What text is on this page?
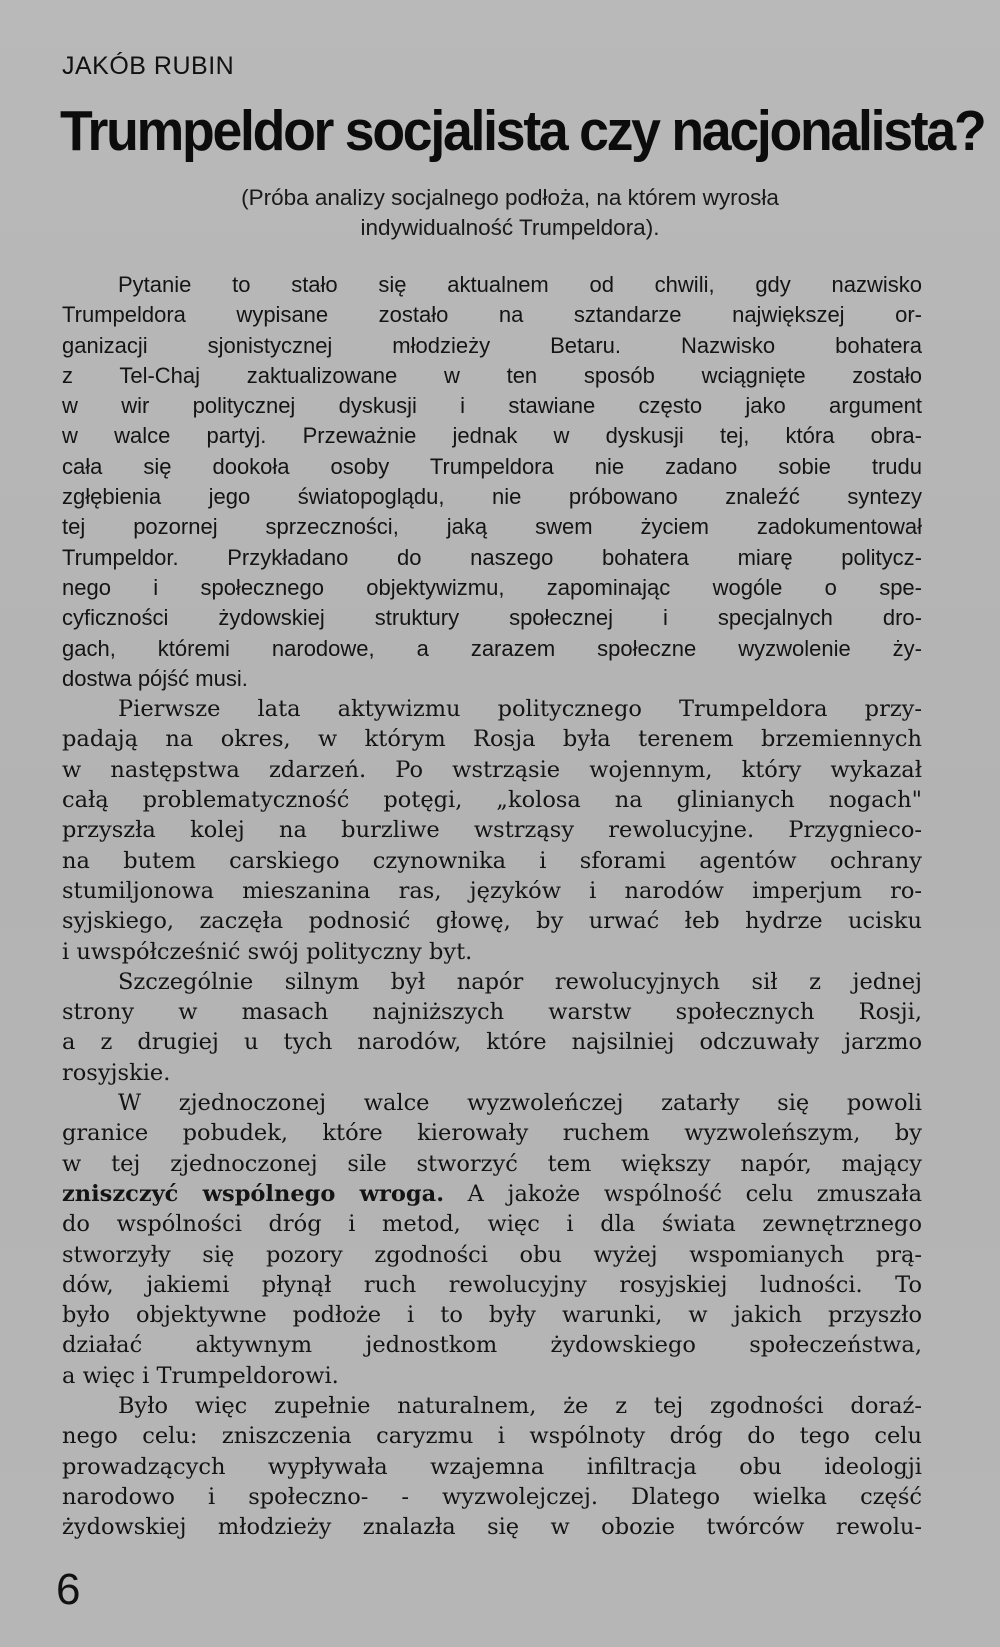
JAKÓB RUBIN
Trumpeldor socjalista czy nacjonalista?
(Próba analizy socjalnego podłoża, na którem wyrosła
indywidualność Trumpeldora).
Pytanie to stało się aktualnem od chwili, gdy nazwisko
Trumpeldora wypisane zostało na sztandarze największej or-
ganizacji sjonistycznej młodzieży Betaru. Nazwisko bohatera
z Tel-Chaj zaktualizowane w ten sposób wciągnięte zostało
w wir politycznej dyskusji i stawiane często jako argument
w walce partyj. Przeważnie jednak w dyskusji tej, która obra-
cała się dookoła osoby Trumpeldora nie zadano sobie trudu
zgłębienia jego światopoglądu, nie próbowano znaleźć syntezy
tej pozornej sprzeczności, jaką swem życiem zadokumentował
Trumpeldor. Przykładano do naszego bohatera miarę politycz-
nego i społecznego objektywizmu, zapominając wogóle o spe-
cyficzności żydowskiej struktury społecznej i specjalnych dro-
gach, któremi narodowe, a zarazem społeczne wyzwolenie ży-
dostwa pójść musi.
Pierwsze lata aktywizmu politycznego Trumpeldora przy-
padają na okres, w którym Rosja była terenem brzemiennych
w następstwa zdarzeń. Po wstrząsie wojennym, który wykazał
całą problematyczność potęgi, „kolosa na glinianych nogach"
przyszła kolej na burzliwe wstrząsy rewolucyjne. Przygnieco-
na butem carskiego czynownika i sforami agentów ochrany
stumiljonowa mieszanina ras, języków i narodów imperjum ro-
syjskiego, zaczęła podnosić głowę, by urwać łeb hydrze ucisku
i uwspółcześnić swój polityczny byt.
Szczególnie silnym był napór rewolucyjnych sił z jednej
strony w masach najniższych warstw społecznych Rosji,
a z drugiej u tych narodów, które najsilniej odczuwały jarzmo
rosyjskie.
W zjednoczonej walce wyzwoleńczej zatarły się powoli
granice pobudek, które kierowały ruchem wyzwoleńszym, by
w tej zjednoczonej sile stworzyć tem większy napór, mający
zniszczyć wspólnego wroga. A jakoże wspólność celu zmuszała
do wspólności dróg i metod, więc i dla świata zewnętrznego
stworzyły się pozory zgodności obu wyżej wspomianych prą-
dów, jakiemi płynął ruch rewolucyjny rosyjskiej ludności. To
było objektywne podłoże i to były warunki, w jakich przyszło
działać aktywnym jednostkom żydowskiego społeczeństwa,
a więc i Trumpeldorowi.
Było więc zupełnie naturalnem, że z tej zgodności doraź-
nego celu: zniszczenia caryzmu i wspólnoty dróg do tego celu
prowadzących wypływała wzajemna infiltracja obu ideologji
narodowo i społeczno- - wyzwolejczej. Dlatego wielka część
żydowskiej młodzieży znalazła się w obozie twórców rewolu-
6
